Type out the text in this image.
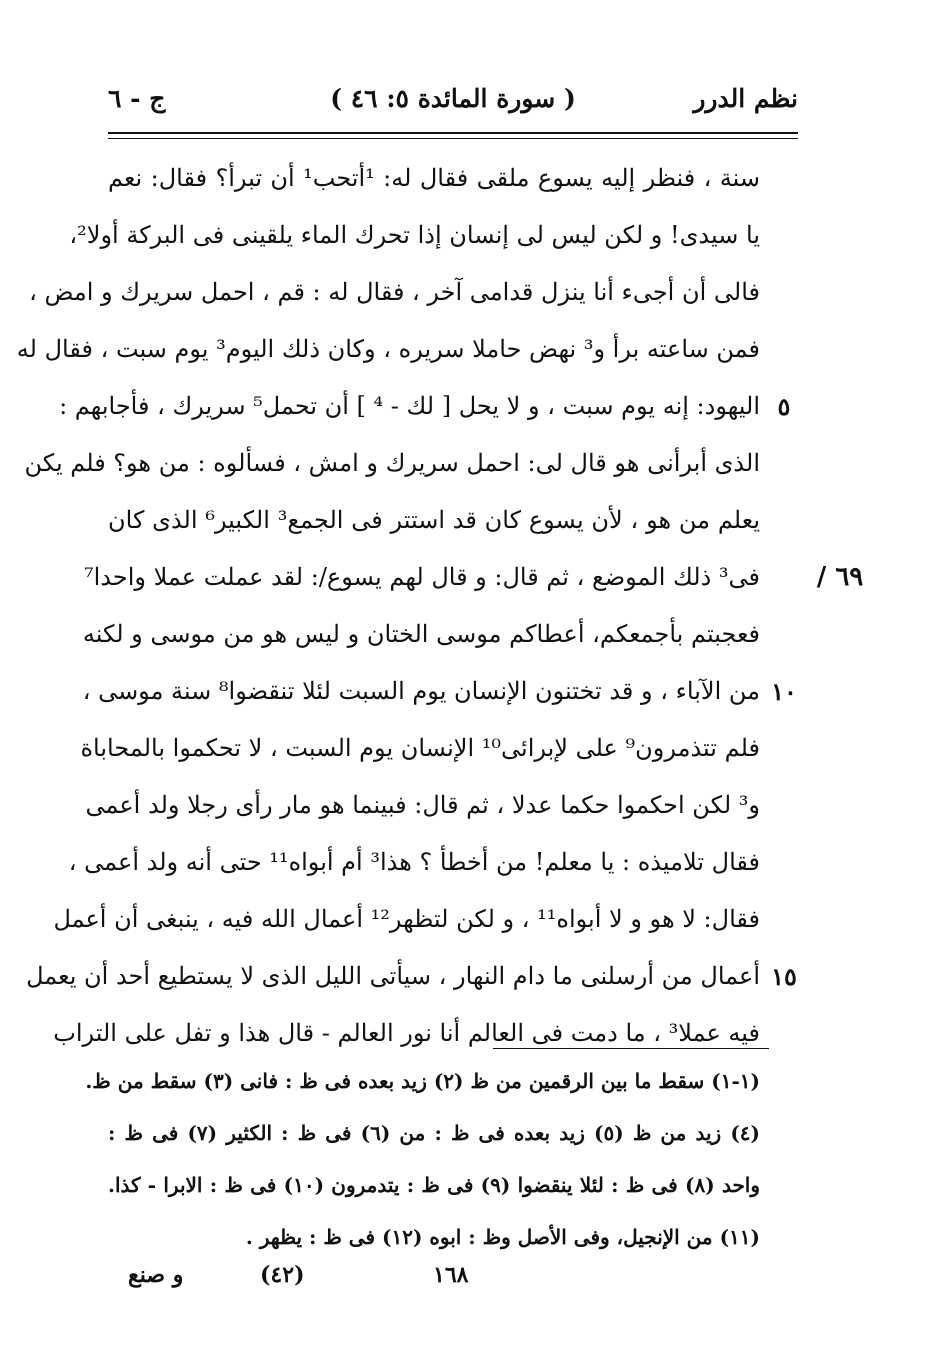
ج - ٦	( سورة المائدة ٥: ٤٦ )	نظم الدرر
سنة ، فنظر إليه يسوع ملقى فقال له: ¹أتحب¹ أن تبرأ؟ فقال: نعم
يا سيدى! و لكن ليس لى إنسان إذا تحرك الماء يلقينى فى البركة أولا²،
فالى أن أجىء أنا ينزل قدامى آخر ، فقال له : قم ، احمل سريرك و امض ،
فمن ساعته برأ و³ نهض حاملا سريره ، وكان ذلك اليوم³ يوم سبت ، فقال له
اليهود: إنه يوم سبت ، و لا يحل [ لك - ⁴ ] أن تحمل⁵ سريرك ، فأجابهم :
الذى أبرأنى هو قال لى: احمل سريرك و امش ، فسألوه : من هو؟ فلم يكن
يعلم من هو ، لأن يسوع كان قد استتر فى الجمع³ الكبير⁶ الذى كان
فى³ ذلك الموضع ، ثم قال: و قال لهم يسوع/: لقد عملت عملا واحدا⁷
فعجبتم بأجمعكم، أعطاكم موسى الختان و ليس هو من موسى و لكنه
من الآباء ، و قد تختنون الإنسان يوم السبت لئلا تنقضوا⁸ سنة موسى ،
فلم تتذمرون⁹ على لإبرائى¹⁰ الإنسان يوم السبت ، لا تحكموا بالمحاباة
و³ لكن احكموا حكما عدلا ، ثم قال: فبينما هو مار رأى رجلا ولد أعمى
فقال تلاميذه : يا معلم! من أخطأ ؟ هذا³ أم أبواه¹¹ حتى أنه ولد أعمى ،
فقال: لا هو و لا أبواه¹¹ ، و لكن لتظهر¹² أعمال الله فيه ، ينبغى أن أعمل
أعمال من أرسلنى ما دام النهار ، سيأتى الليل الذى لا يستطيع أحد أن يعمل
فيه عملا³ ، ما دمت فى العالم أنا نور العالم - قال هذا و تفل على التراب
٥
١٠
١٥
٦٩ /
(١-١) سقط ما بين الرقمين من ظ (٢) زيد بعده فى ظ : فانى (٣) سقط من ظ.
(٤) زيد من ظ (٥) زيد بعده فى ظ : من (٦) فى ظ : الكثير (٧) فى ظ :
واحد (٨) فى ظ : لئلا ينقضوا (٩) فى ظ : يتدمرون (١٠) فى ظ : الابرا - كذا.
(١١) من الإنجيل، وفى الأصل وظ : ابوه (١٢) فى ظ : يظهر .
و صنع	(٤٢)	١٦٨
